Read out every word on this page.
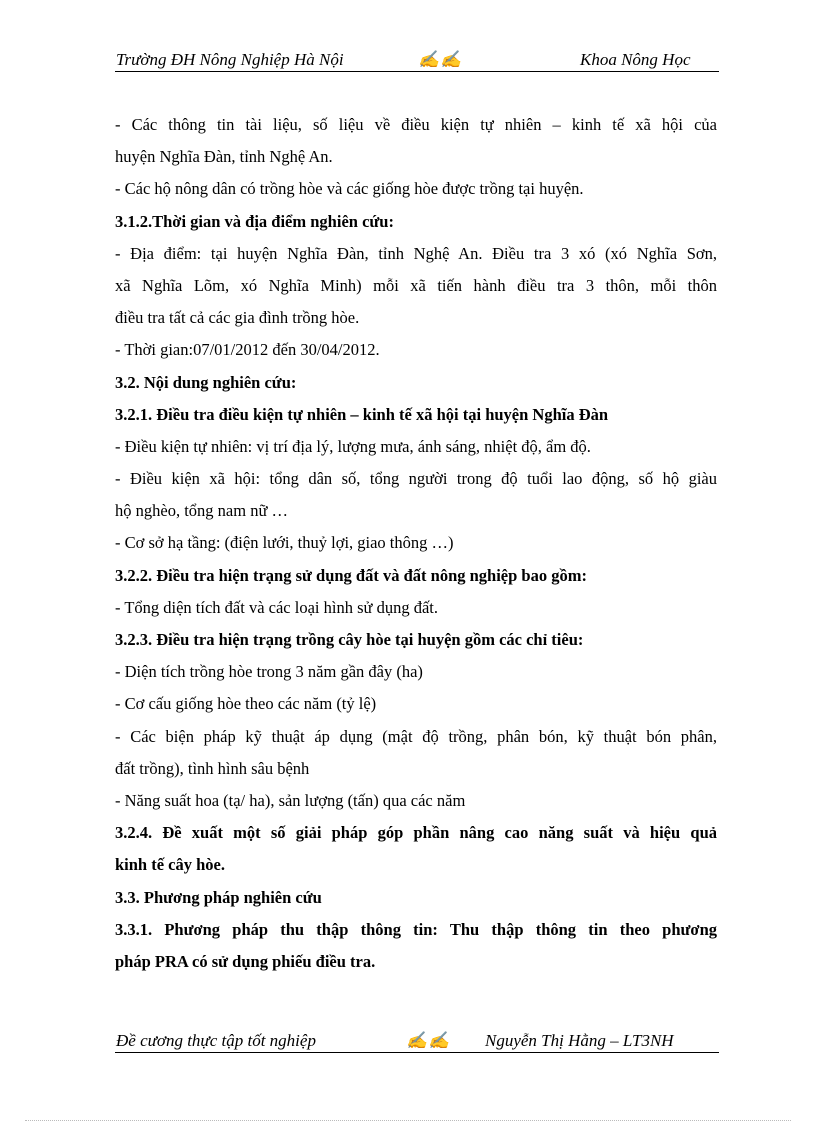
Trường ĐH Nông Nghiệp Hà Nội	✍✍	Khoa Nông Học
- Các thông tin tài liệu, số liệu về điều kiện tự nhiên – kinh tế xã hội của
huyện Nghĩa Đàn, tỉnh Nghệ An.
- Các hộ nông dân có trồng hòe và các giống hòe được trồng tại huyện.
3.1.2.Thời gian và địa điểm nghiên cứu:
- Địa điểm: tại huyện Nghĩa Đàn, tỉnh Nghệ An. Điều tra 3 xó (xó Nghĩa Sơn,
xã Nghĩa Lõm, xó Nghĩa Minh) mỗi xã tiến hành điều tra 3 thôn, mỗi thôn
điều tra tất cả các gia đình trồng hòe.
- Thời gian:07/01/2012 đến 30/04/2012.
3.2. Nội dung nghiên cứu:
3.2.1. Điều tra điều kiện tự nhiên – kinh tế xã hội tại huyện Nghĩa Đàn
- Điều kiện tự nhiên: vị trí địa lý, lượng mưa, ánh sáng, nhiệt độ, ẩm độ.
- Điều kiện xã hội: tổng dân số, tổng người trong độ tuổi lao động, số hộ giàu
hộ nghèo, tổng nam nữ …
- Cơ sở hạ tầng: (điện lưới, thuỷ lợi, giao thông …)
3.2.2. Điều tra hiện trạng sử dụng đất và đất nông nghiệp bao gồm:
- Tổng diện tích đất và các loại hình sử dụng đất.
3.2.3. Điều tra hiện trạng trồng cây hòe tại huyện gồm các chỉ tiêu:
- Diện tích trồng hòe trong 3 năm gần đây (ha)
- Cơ cấu giống hòe theo các năm (tỷ lệ)
- Các biện pháp kỹ thuật áp dụng (mật độ trồng, phân bón, kỹ thuật bón phân,
đất trồng), tình hình sâu bệnh
- Năng suất hoa (tạ/ ha), sản lượng (tấn) qua các năm
3.2.4. Đề xuất một số giải pháp góp phần nâng cao năng suất và hiệu quả
kinh tế cây hòe.
3.3. Phương pháp nghiên cứu
3.3.1. Phương pháp thu thập thông tin: Thu thập thông tin theo phương
pháp PRA có sử dụng phiếu điều tra.
Đề cương thực tập tốt nghiệp	✍✍ Nguyễn Thị Hằng – LT3NH
